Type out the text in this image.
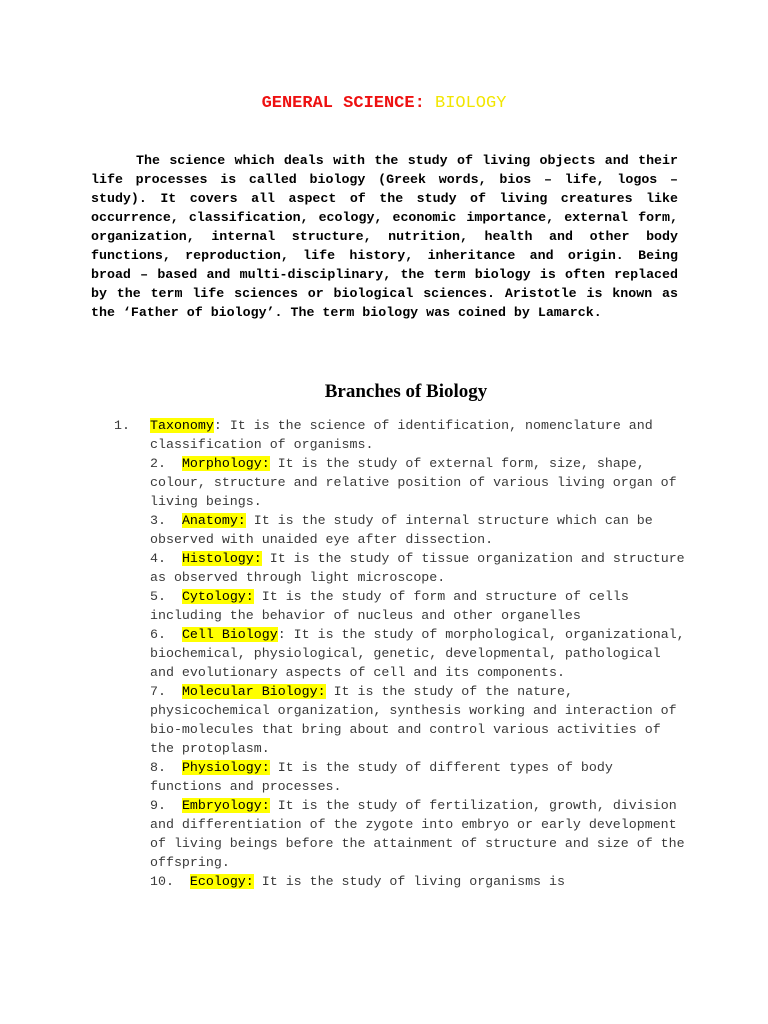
GENERAL SCIENCE: BIOLOGY

The science which deals with the study of living objects and their life processes is called biology (Greek words, bios – life, logos – study). It covers all aspect of the study of living creatures like occurrence, classification, ecology, economic importance, external form, organization, internal structure, nutrition, health and other body functions, reproduction, life history, inheritance and origin. Being broad – based and multi-disciplinary, the term biology is often replaced by the term life sciences or biological sciences. Aristotle is known as the ‘Father of biology’. The term biology was coined by Lamarck.

Branches of Biology

1. Taxonomy: It is the science of identification, nomenclature and classification of organisms.

2. Morphology: It is the study of external form, size, shape, colour, structure and relative position of various living organ of living beings.

3. Anatomy: It is the study of internal structure which can be observed with unaided eye after dissection.

4. Histology: It is the study of tissue organization and structure as observed through light microscope.

5. Cytology: It is the study of form and structure of cells including the behavior of nucleus and other organelles

6. Cell Biology: It is the study of morphological, organizational, biochemical, physiological, genetic, developmental, pathological and evolutionary aspects of cell and its components.

7. Molecular Biology: It is the study of the nature, physicochemical organization, synthesis working and interaction of bio-molecules that bring about and control various activities of the protoplasm.

8. Physiology: It is the study of different types of body functions and processes.

9. Embryology: It is the study of fertilization, growth, division and differentiation of the zygote into embryo or early development of living beings before the attainment of structure and size of the offspring.

10. Ecology: It is the study of living organisms is
